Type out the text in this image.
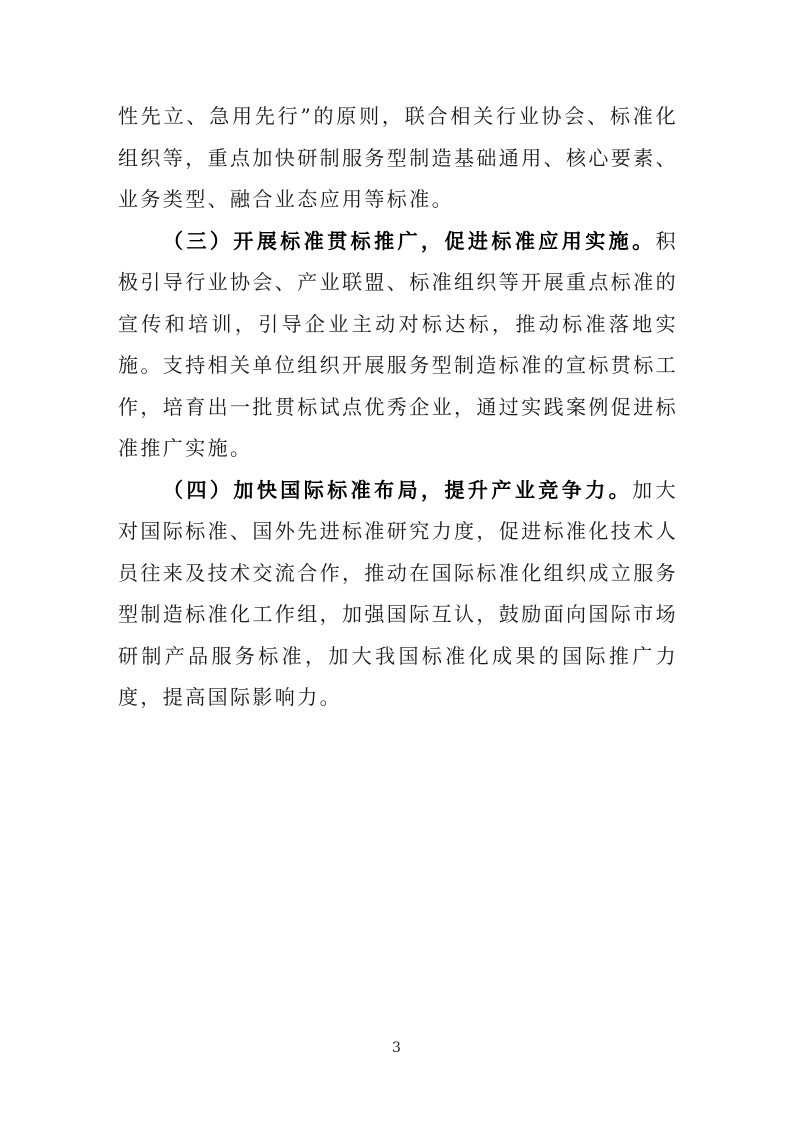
性先立、急用先行”的原则，联合相关行业协会、标准化组织等，重点加快研制服务型制造基础通用、核心要素、业务类型、融合业态应用等标准。

（三）开展标准贯标推广，促进标准应用实施。积极引导行业协会、产业联盟、标准组织等开展重点标准的宣传和培训，引导企业主动对标达标，推动标准落地实施。支持相关单位组织开展服务型制造标准的宣标贯标工作，培育出一批贯标试点优秀企业，通过实践案例促进标准推广实施。

（四）加快国际标准布局，提升产业竞争力。加大对国际标准、国外先进标准研究力度，促进标准化技术人员往来及技术交流合作，推动在国际标准化组织成立服务型制造标准化工作组，加强国际互认，鼓励面向国际市场研制产品服务标准，加大我国标准化成果的国际推广力度，提高国际影响力。

3
